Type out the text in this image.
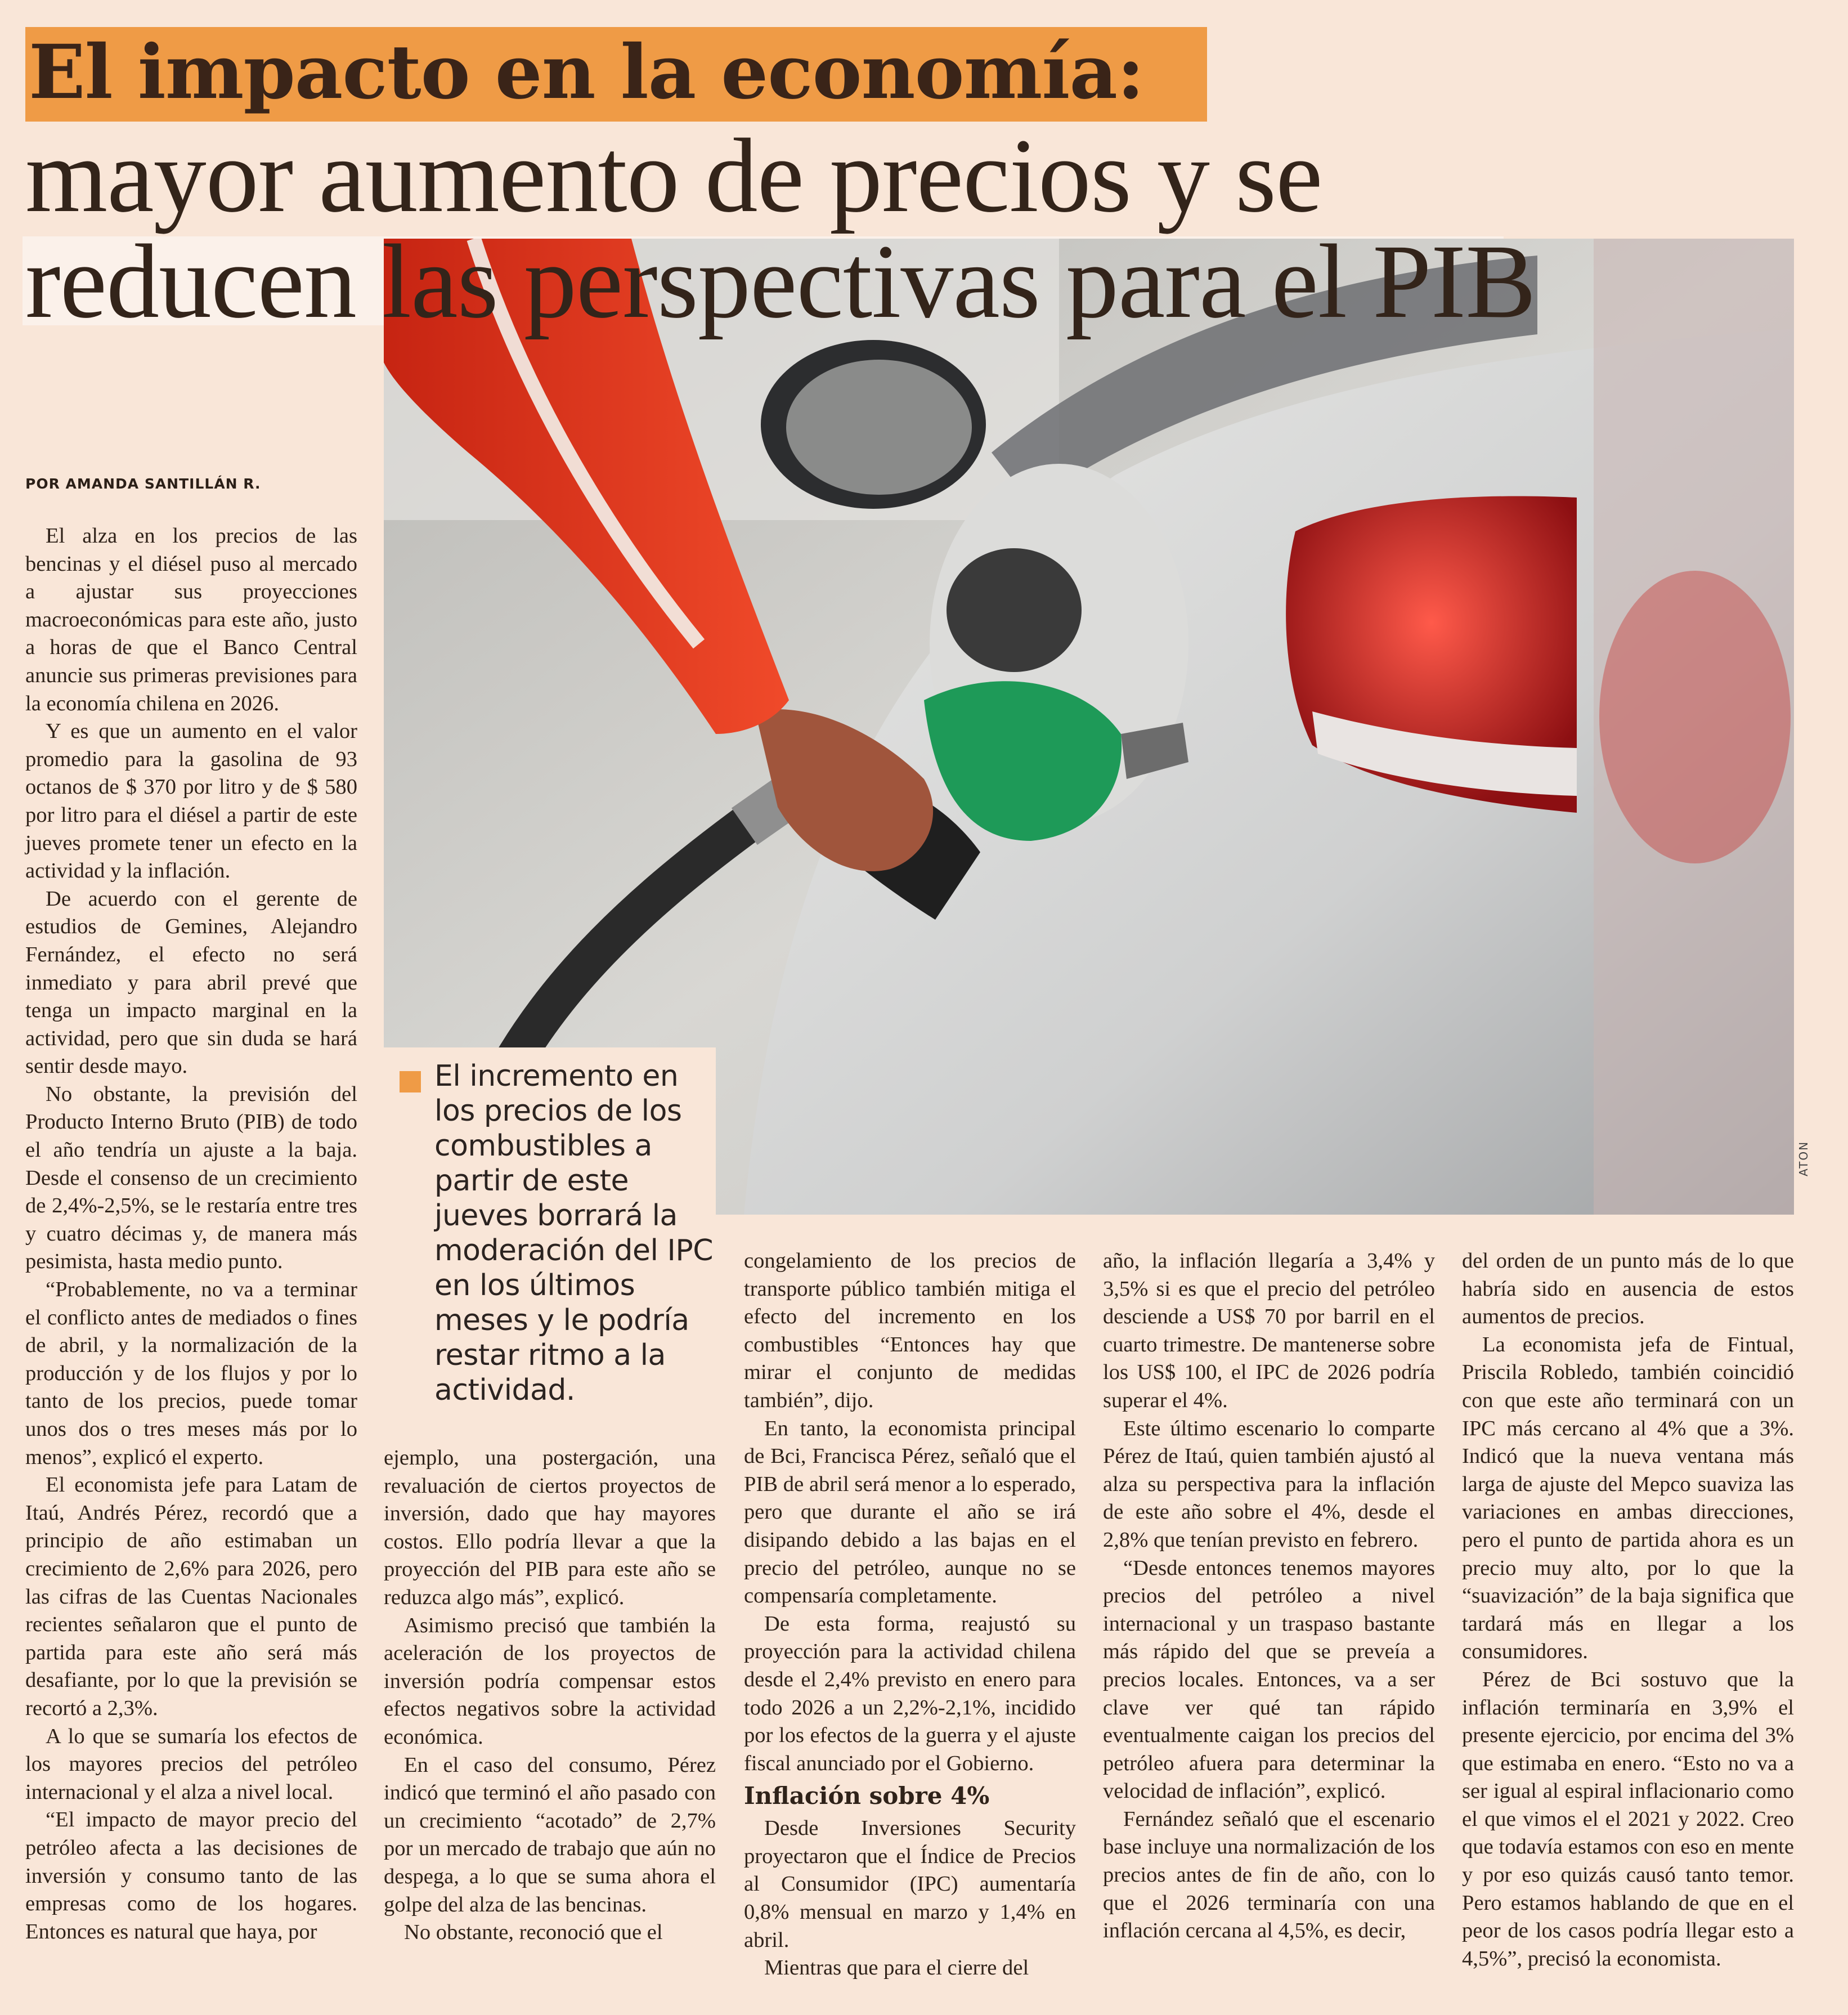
El impacto en la economía:
mayor aumento de precios y se
ATON
reducen las perspectivas para el PIB
El incremento en los precios de los combustibles a partir de este jueves borrará la moderación del IPC en los últimos meses y le podría restar ritmo a la actividad.
POR AMANDA SANTILLÁN R.

El alza en los precios de las bencinas y el diésel puso al mercado a ajustar sus proyecciones macroeconómicas para este año, justo a horas de que el Banco Central anuncie sus primeras previsiones para la economía chilena en 2026.

Y es que un aumento en el valor promedio para la gasolina de 93 octanos de $ 370 por litro y de $ 580 por litro para el diésel a partir de este jueves promete tener un efecto en la actividad y la inflación.

De acuerdo con el gerente de estudios de Gemines, Alejandro Fernández, el efecto no será inmediato y para abril prevé que tenga un impacto marginal en la actividad, pero que sin duda se hará sentir desde mayo.

No obstante, la previsión del Producto Interno Bruto (PIB) de todo el año tendría un ajuste a la baja. Desde el consenso de un crecimiento de 2,4%-2,5%, se le restaría entre tres y cuatro décimas y, de manera más pesimista, hasta medio punto.

“Probablemente, no va a terminar el conflicto antes de mediados o fines de abril, y la normalización de la producción y de los flujos y por lo tanto de los precios, puede tomar unos dos o tres meses más por lo menos”, explicó el experto.

El economista jefe para Latam de Itaú, Andrés Pérez, recordó que a principio de año estimaban un crecimiento de 2,6% para 2026, pero las cifras de las Cuentas Nacionales recientes señalaron que el punto de partida para este año será más desafiante, por lo que la previsión se recortó a 2,3%.

A lo que se sumaría los efectos de los mayores precios del petróleo internacional y el alza a nivel local.

“El impacto de mayor precio del petróleo afecta a las decisiones de inversión y consumo tanto de las empresas como de los hogares. Entonces es natural que haya, por

ejemplo, una postergación, una revaluación de ciertos proyectos de inversión, dado que hay mayores costos. Ello podría llevar a que la proyección del PIB para este año se reduzca algo más”, explicó.

Asimismo precisó que también la aceleración de los proyectos de inversión podría compensar estos efectos negativos sobre la actividad económica.

En el caso del consumo, Pérez indicó que terminó el año pasado con un crecimiento “acotado” de 2,7% por un mercado de trabajo que aún no despega, a lo que se suma ahora el golpe del alza de las bencinas.

No obstante, reconoció que el

congelamiento de los precios de transporte público también mitiga el efecto del incremento en los combustibles “Entonces hay que mirar el conjunto de medidas también”, dijo.

En tanto, la economista principal de Bci, Francisca Pérez, señaló que el PIB de abril será menor a lo esperado, pero que durante el año se irá disipando debido a las bajas en el precio del petróleo, aunque no se compensaría completamente.

De esta forma, reajustó su proyección para la actividad chilena desde el 2,4% previsto en enero para todo 2026 a un 2,2%-2,1%, incidido por los efectos de la guerra y el ajuste fiscal anunciado por el Gobierno.

Inflación sobre 4%

Desde Inversiones Security proyectaron que el Índice de Precios al Consumidor (IPC) aumentaría 0,8% mensual en marzo y 1,4% en abril.

Mientras que para el cierre del

año, la inflación llegaría a 3,4% y 3,5% si es que el precio del petróleo desciende a US$ 70 por barril en el cuarto trimestre. De mantenerse sobre los US$ 100, el IPC de 2026 podría superar el 4%.

Este último escenario lo comparte Pérez de Itaú, quien también ajustó al alza su perspectiva para la inflación de este año sobre el 4%, desde el 2,8% que tenían previsto en febrero.

“Desde entonces tenemos mayores precios del petróleo a nivel internacional y un traspaso bastante más rápido del que se preveía a precios locales. Entonces, va a ser clave ver qué tan rápido eventualmente caigan los precios del petróleo afuera para determinar la velocidad de inflación”, explicó.

Fernández señaló que el escenario base incluye una normalización de los precios antes de fin de año, con lo que el 2026 terminaría con una inflación cercana al 4,5%, es decir,

del orden de un punto más de lo que habría sido en ausencia de estos aumentos de precios.

La economista jefa de Fintual, Priscila Robledo, también coincidió con que este año terminará con un IPC más cercano al 4% que a 3%. Indicó que la nueva ventana más larga de ajuste del Mepco suaviza las variaciones en ambas direcciones, pero el punto de partida ahora es un precio muy alto, por lo que la “suavización” de la baja significa que tardará más en llegar a los consumidores.

Pérez de Bci sostuvo que la inflación terminaría en 3,9% el presente ejercicio, por encima del 3% que estimaba en enero. “Esto no va a ser igual al espiral inflacionario como el que vimos el el 2021 y 2022. Creo que todavía estamos con eso en mente y por eso quizás causó tanto temor. Pero estamos hablando de que en el peor de los casos podría llegar esto a 4,5%”, precisó la economista.
